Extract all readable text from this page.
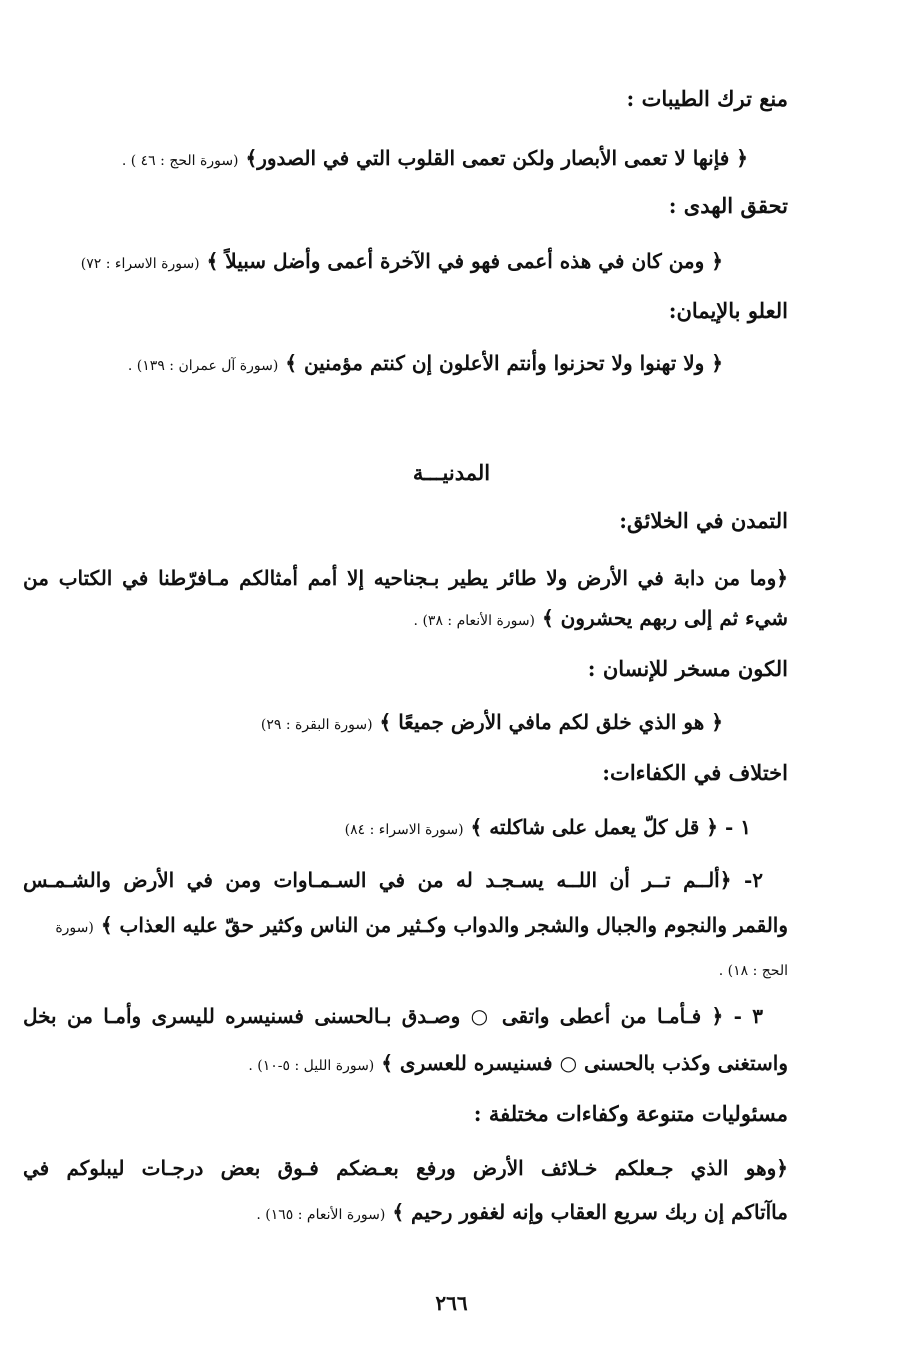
منع ترك الطيبات :
﴿ فإنها لا تعمى الأبصار ولكن تعمى القلوب التي في الصدور﴾ (سورة الحج : ٤٦ ) .
تحقق الهدى :
﴿ ومن كان في هذه أعمى فهو في الآخرة أعمى وأضل سبيلاً ﴾ (سورة الاسراء : ٧٢)
العلو بالإيمان:
﴿ ولا تهنوا ولا تحزنوا وأنتم الأعلون إن كنتم مؤمنين ﴾ (سورة آل عمران : ١٣٩) .
المدنيـــة
التمدن في الخلائق:
﴿وما من دابة في الأرض ولا طائر يطير بـجناحيه إلا أمم أمثالكم مـافرّطنا في الكتاب من
شيء ثم إلى ربهم يحشرون ﴾ (سورة الأنعام : ٣٨) .
الكون مسخر للإنسان :
﴿ هو الذي خلق لكم مافي الأرض جميعًا ﴾ (سورة البقرة : ٢٩)
اختلاف في الكفاءات:
١ - ﴿ قل كلّ يعمل على شاكلته ﴾ (سورة الاسراء : ٨٤)
٢- ﴿ألــم تــر أن اللــه يسـجـد له من في السـمـاوات ومن في الأرض والشـمـس
والقمر والنجوم والجبال والشجر والدواب وكـثير من الناس وكثير حقّ عليه العذاب ﴾ (سورة
الحج : ١٨) .
٣ - ﴿ فـأمـا من أعطى واتقى ○ وصـدق بـالحسنى فسنيسره لليسرى وأمـا من بخل
واستغنى وكذب بالحسنى ○ فسنيسره للعسرى ﴾ (سورة الليل : ٥-١٠) .
مسئوليات متنوعة وكفاءات مختلفة :
﴿وهو الذي جـعلكم خـلائف الأرض ورفع بعـضكم فـوق بعض درجـات ليبلوكم في
ماآتاكم إن ربك سريع العقاب وإنه لغفور رحيم ﴾ (سورة الأنعام : ١٦٥) .
٢٦٦
